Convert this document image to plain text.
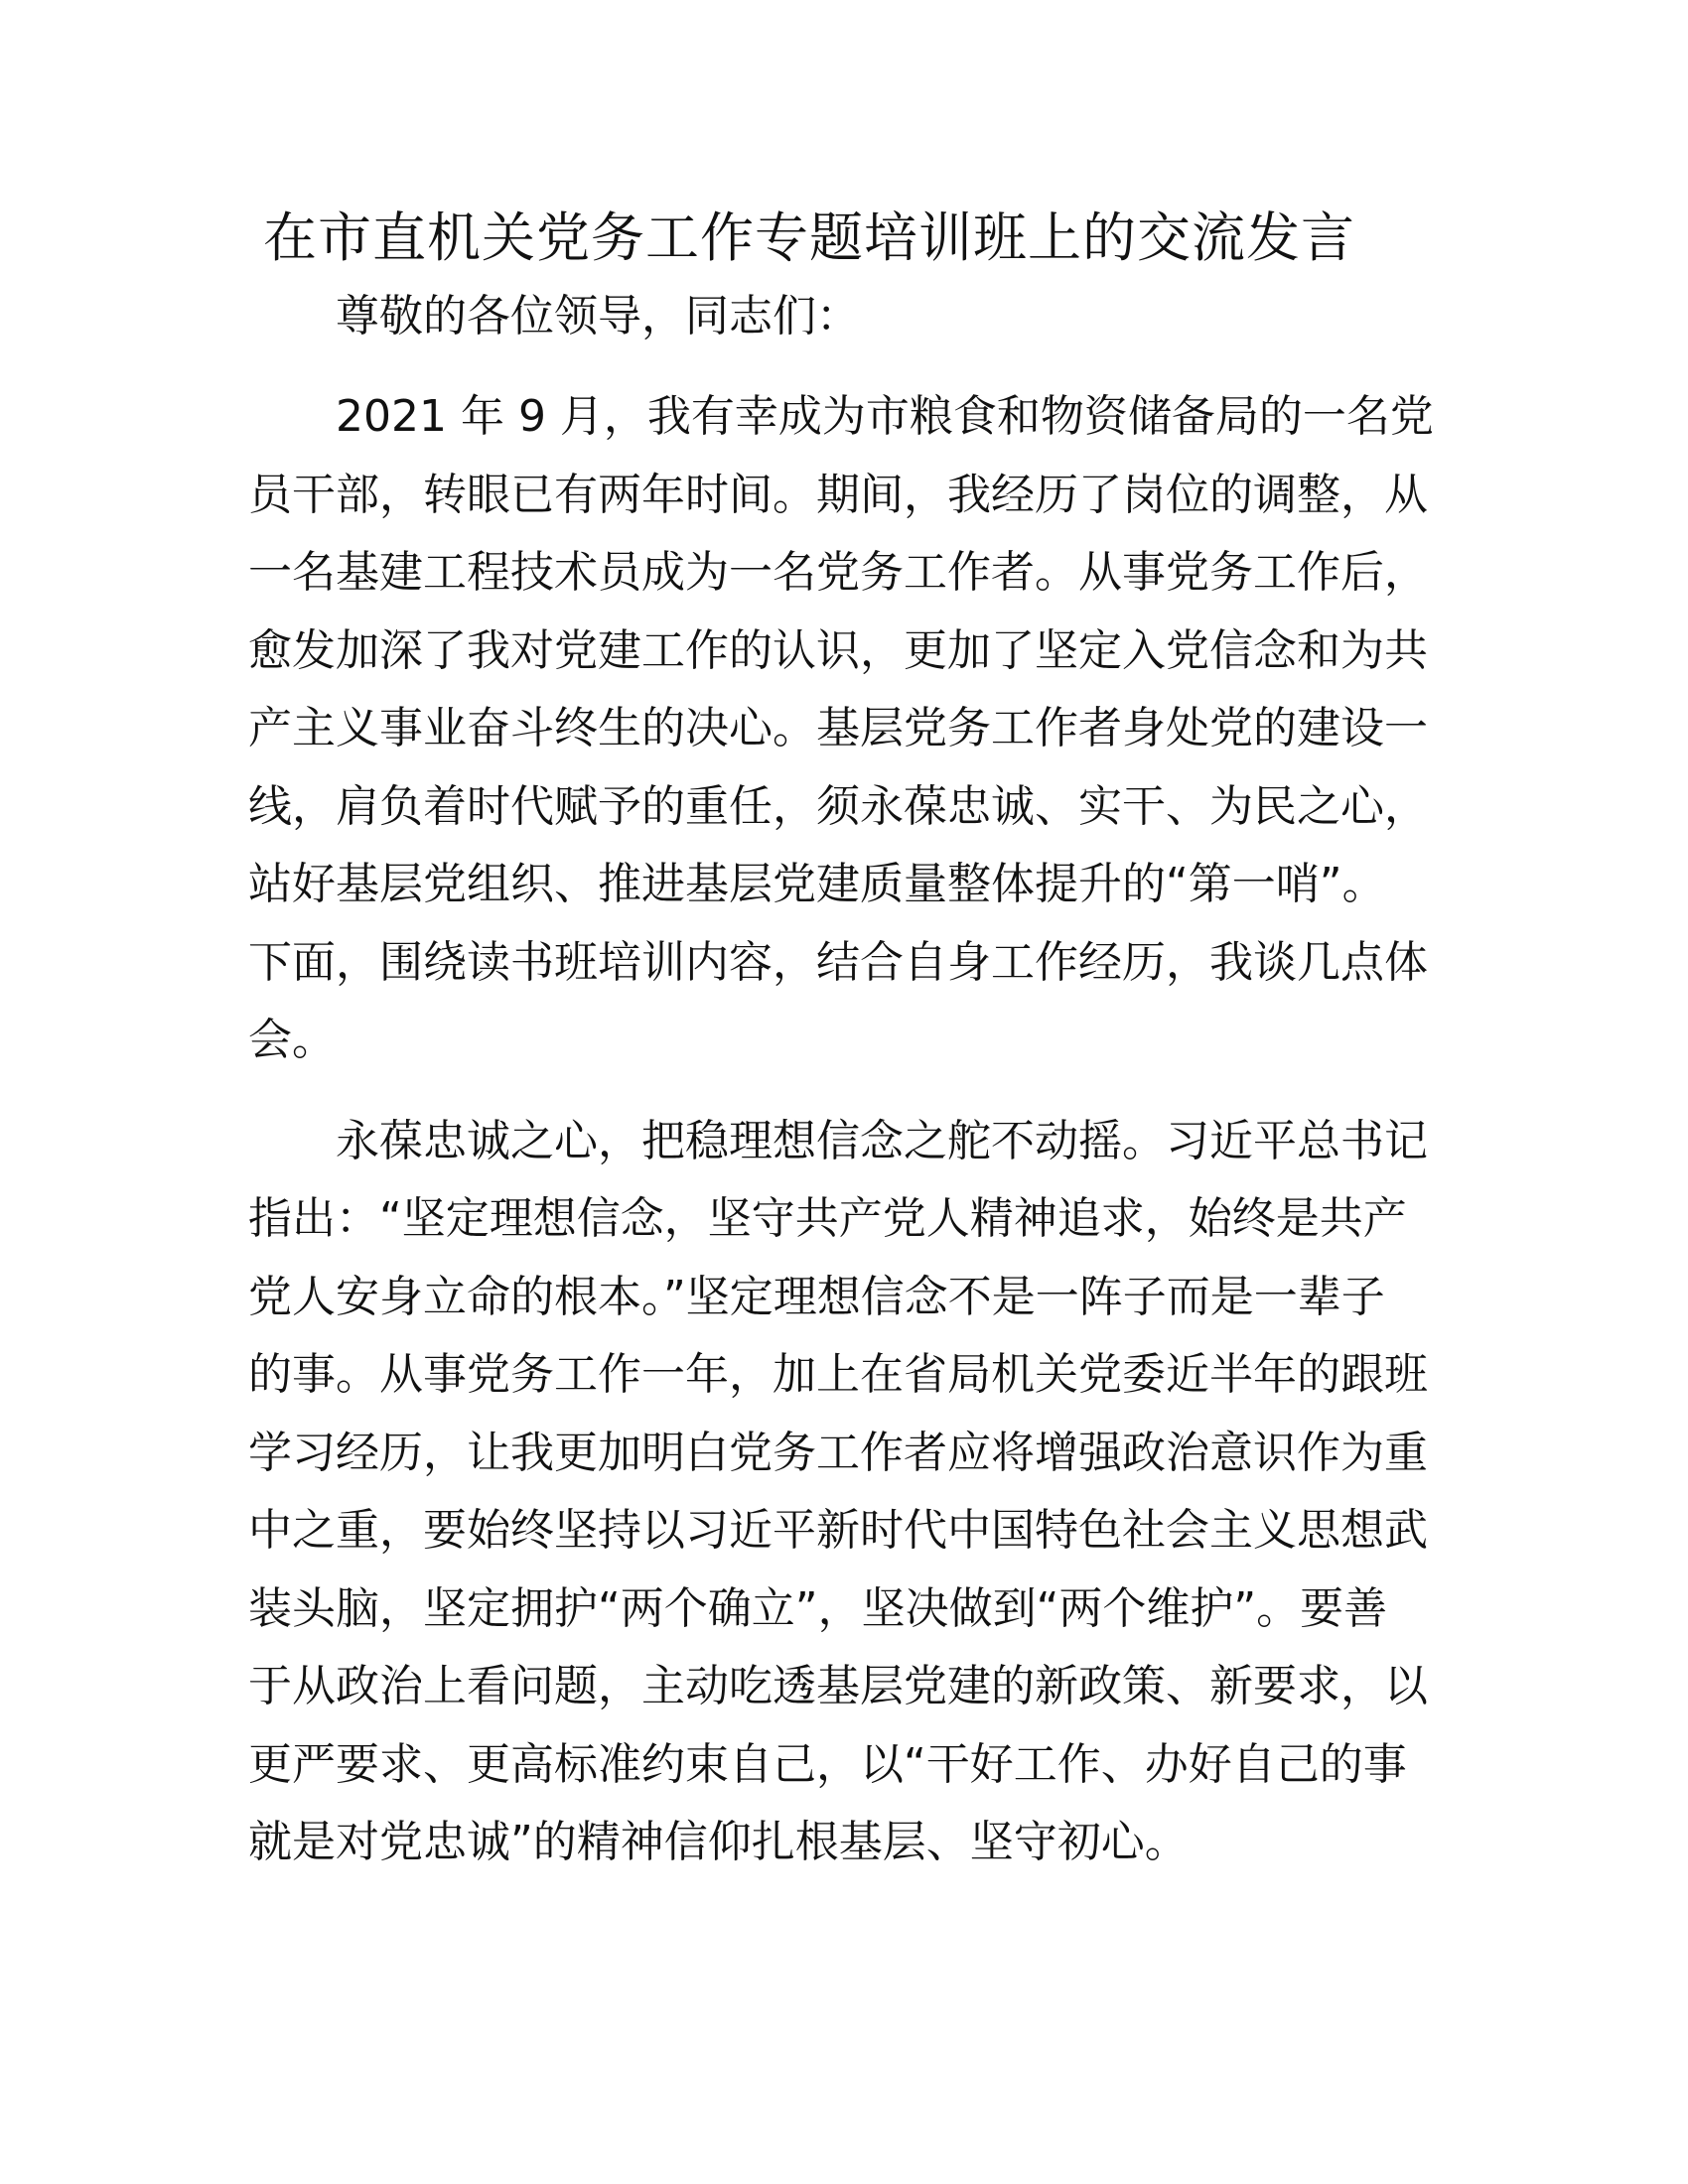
在市直机关党务工作专题培训班上的交流发言

尊敬的各位领导，同志们：

2021 年 9 月，我有幸成为市粮食和物资储备局的一名党
员干部，转眼已有两年时间。期间，我经历了岗位的调整，从
一名基建工程技术员成为一名党务工作者。从事党务工作后，
愈发加深了我对党建工作的认识，更加了坚定入党信念和为共
产主义事业奋斗终生的决心。基层党务工作者身处党的建设一
线，肩负着时代赋予的重任，须永葆忠诚、实干、为民之心，
站好基层党组织、推进基层党建质量整体提升的“第一哨”。
下面，围绕读书班培训内容，结合自身工作经历，我谈几点体
会。
永葆忠诚之心，把稳理想信念之舵不动摇。习近平总书记
指出：“坚定理想信念，坚守共产党人精神追求，始终是共产
党人安身立命的根本。”坚定理想信念不是一阵子而是一辈子
的事。从事党务工作一年，加上在省局机关党委近半年的跟班
学习经历，让我更加明白党务工作者应将增强政治意识作为重
中之重，要始终坚持以习近平新时代中国特色社会主义思想武
装头脑，坚定拥护“两个确立”，坚决做到“两个维护”。要善
于从政治上看问题，主动吃透基层党建的新政策、新要求，以
更严要求、更高标准约束自己，以“干好工作、办好自己的事
就是对党忠诚”的精神信仰扎根基层、坚守初心。
